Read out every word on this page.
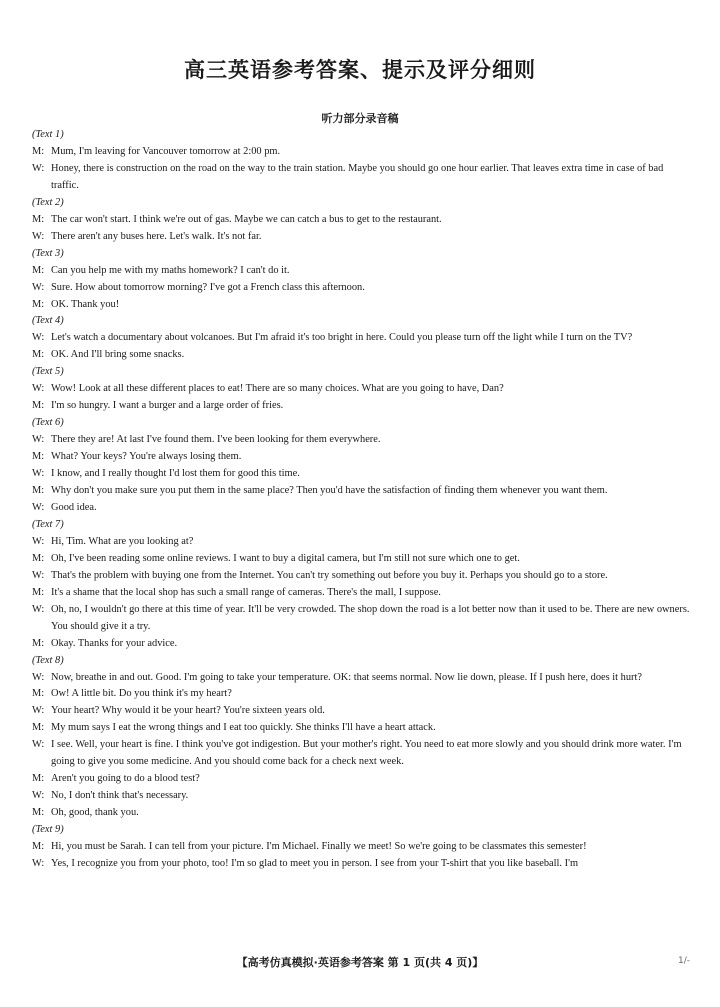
高三英语参考答案、提示及评分细则
听力部分录音稿
(Text 1)
M: Mum, I'm leaving for Vancouver tomorrow at 2:00 pm.
W: Honey, there is construction on the road on the way to the train station. Maybe you should go one hour earlier. That leaves extra time in case of bad traffic.
(Text 2)
M: The car won't start. I think we're out of gas. Maybe we can catch a bus to get to the restaurant.
W: There aren't any buses here. Let's walk. It's not far.
(Text 3)
M: Can you help me with my maths homework? I can't do it.
W: Sure. How about tomorrow morning? I've got a French class this afternoon.
M: OK. Thank you!
(Text 4)
W: Let's watch a documentary about volcanoes. But I'm afraid it's too bright in here. Could you please turn off the light while I turn on the TV?
M: OK. And I'll bring some snacks.
(Text 5)
W: Wow! Look at all these different places to eat! There are so many choices. What are you going to have, Dan?
M: I'm so hungry. I want a burger and a large order of fries.
(Text 6)
W: There they are! At last I've found them. I've been looking for them everywhere.
M: What? Your keys? You're always losing them.
W: I know, and I really thought I'd lost them for good this time.
M: Why don't you make sure you put them in the same place? Then you'd have the satisfaction of finding them whenever you want them.
W: Good idea.
(Text 7)
W: Hi, Tim. What are you looking at?
M: Oh, I've been reading some online reviews. I want to buy a digital camera, but I'm still not sure which one to get.
W: That's the problem with buying one from the Internet. You can't try something out before you buy it. Perhaps you should go to a store.
M: It's a shame that the local shop has such a small range of cameras. There's the mall, I suppose.
W: Oh, no, I wouldn't go there at this time of year. It'll be very crowded. The shop down the road is a lot better now than it used to be. There are new owners. You should give it a try.
M: Okay. Thanks for your advice.
(Text 8)
W: Now, breathe in and out. Good. I'm going to take your temperature. OK: that seems normal. Now lie down, please. If I push here, does it hurt?
M: Ow! A little bit. Do you think it's my heart?
W: Your heart? Why would it be your heart? You're sixteen years old.
M: My mum says I eat the wrong things and I eat too quickly. She thinks I'll have a heart attack.
W: I see. Well, your heart is fine. I think you've got indigestion. But your mother's right. You need to eat more slowly and you should drink more water. I'm going to give you some medicine. And you should come back for a check next week.
M: Aren't you going to do a blood test?
W: No, I don't think that's necessary.
M: Oh, good, thank you.
(Text 9)
M: Hi, you must be Sarah. I can tell from your picture. I'm Michael. Finally we meet! So we're going to be classmates this semester!
W: Yes, I recognize you from your photo, too! I'm so glad to meet you in person. I see from your T-shirt that you like baseball. I'm
【高考仿真模拟·英语参考答案 第 1 页(共 4 页)】	1/-
